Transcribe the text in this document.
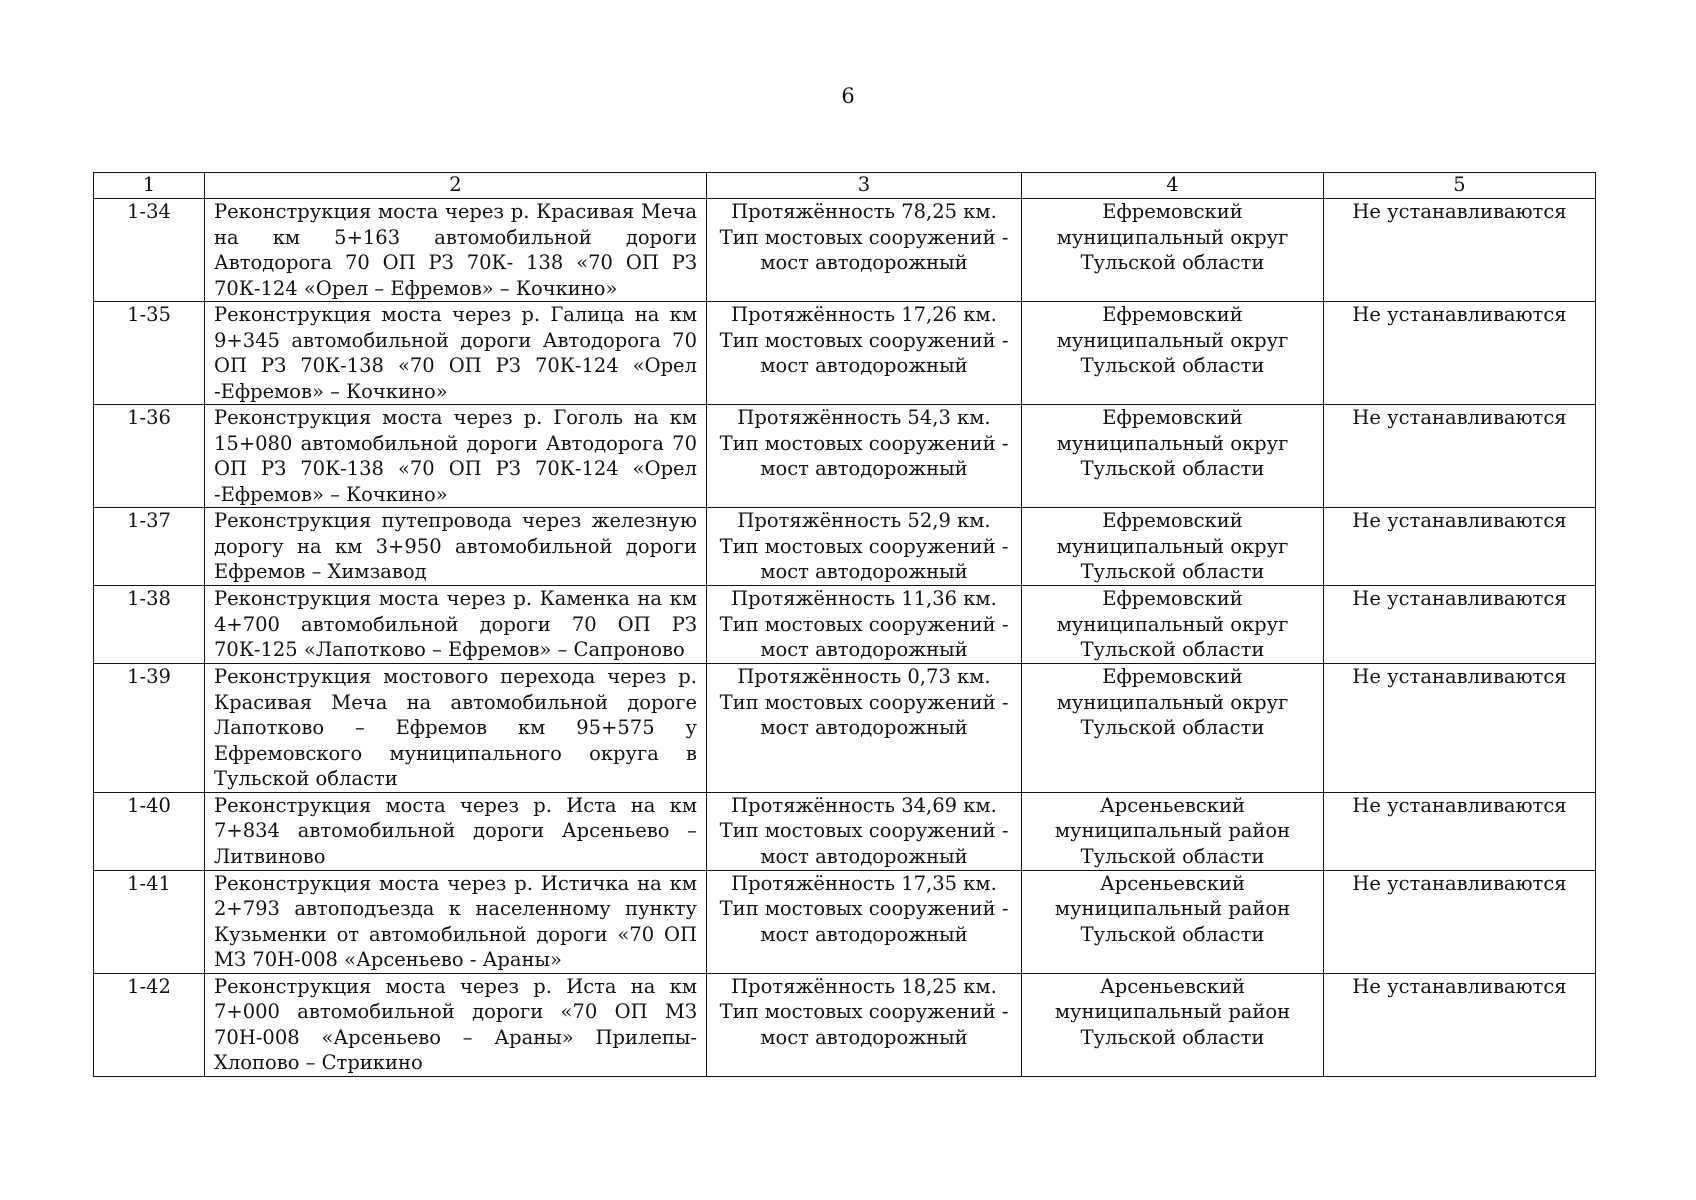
6
1	2	3	4	5
1-34	Реконструкция моста через р. Красивая Меча на км 5+163 автомобильной дороги Автодорога 70 ОП РЗ 70К- 138 «70 ОП РЗ 70К-124 «Орел – Ефремов» – Кочкино»	Протяжённость 78,25 км.
Тип мостовых сооружений -
мост автодорожный	Ефремовский
муниципальный округ
Тульской области	Не устанавливаются
1-35	Реконструкция моста через р. Галица на км 9+345 автомобильной дороги Автодорога 70 ОП РЗ 70К-138 «70 ОП РЗ 70К-124 «Орел -Ефремов» – Кочкино»	Протяжённость 17,26 км.
Тип мостовых сооружений -
мост автодорожный	Ефремовский
муниципальный округ
Тульской области	Не устанавливаются
1-36	Реконструкция моста через р. Гоголь на км 15+080 автомобильной дороги Автодорога 70 ОП РЗ 70К-138 «70 ОП РЗ 70К-124 «Орел -Ефремов» – Кочкино»	Протяжённость 54,3 км.
Тип мостовых сооружений -
мост автодорожный	Ефремовский
муниципальный округ
Тульской области	Не устанавливаются
1-37	Реконструкция путепровода через железную дорогу на км 3+950 автомобильной дороги Ефремов – Химзавод	Протяжённость 52,9 км.
Тип мостовых сооружений -
мост автодорожный	Ефремовский
муниципальный округ
Тульской области	Не устанавливаются
1-38	Реконструкция моста через р. Каменка на км 4+700 автомобильной дороги 70 ОП РЗ 70К-125 «Лапотково – Ефремов» – Сапроново	Протяжённость 11,36 км.
Тип мостовых сооружений -
мост автодорожный	Ефремовский
муниципальный округ
Тульской области	Не устанавливаются
1-39	Реконструкция мостового перехода через р. Красивая Меча на автомобильной дороге Лапотково – Ефремов км 95+575 у Ефремовского муниципального округа в Тульской области	Протяжённость 0,73 км.
Тип мостовых сооружений -
мост автодорожный	Ефремовский
муниципальный округ
Тульской области	Не устанавливаются
1-40	Реконструкция моста через р. Иста на км 7+834 автомобильной дороги Арсеньево – Литвиново	Протяжённость 34,69 км.
Тип мостовых сооружений -
мост автодорожный	Арсеньевский
муниципальный район
Тульской области	Не устанавливаются
1-41	Реконструкция моста через р. Истичка на км 2+793 автоподъезда к населенному пункту Кузьменки от автомобильной дороги «70 ОП МЗ 70Н-008 «Арсеньево - Араны»	Протяжённость 17,35 км.
Тип мостовых сооружений -
мост автодорожный	Арсеньевский
муниципальный район
Тульской области	Не устанавливаются
1-42	Реконструкция моста через р. Иста на км 7+000 автомобильной дороги «70 ОП МЗ 70Н-008 «Арсеньево – Араны» Прилепы-Хлопово – Стрикино	Протяжённость 18,25 км.
Тип мостовых сооружений -
мост автодорожный	Арсеньевский
муниципальный район
Тульской области	Не устанавливаются
